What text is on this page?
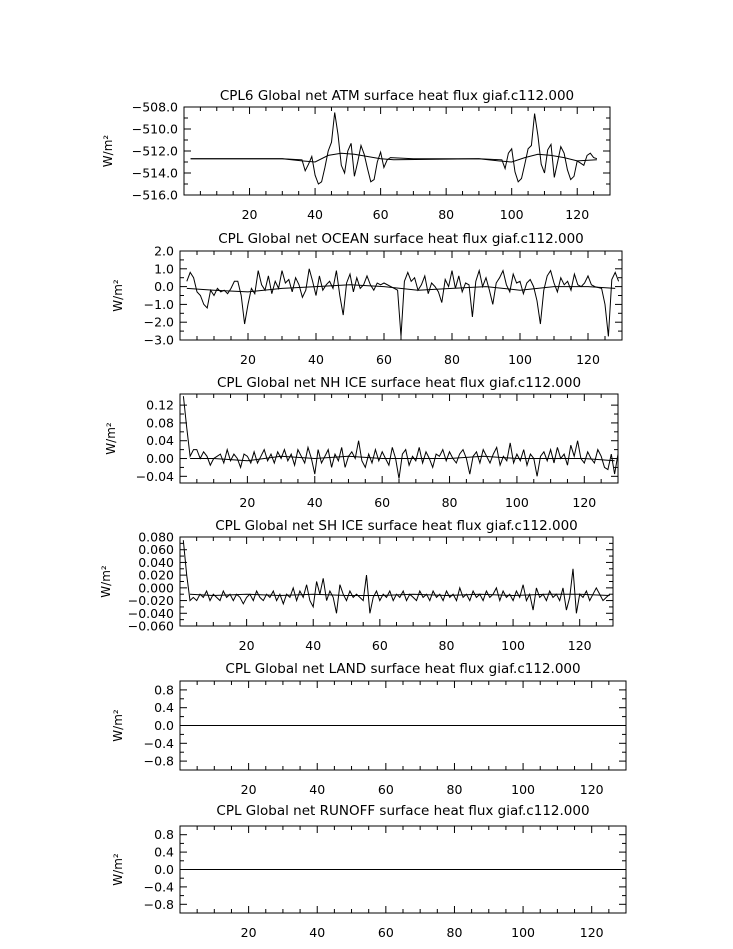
CPL6 Global net ATM surface heat flux giaf.c112.000
W/m²
20	40	60	80	100	120
−516.0
−514.0
−512.0
−510.0
−508.0
CPL Global net OCEAN surface heat flux giaf.c112.000
W/m²
20	40	60	80	100	120
−3.0
−2.0
−1.0
0.0
1.0
2.0
CPL Global net NH ICE surface heat flux giaf.c112.000
W/m²
20	40	60	80	100	120
−0.04
0.00
0.04
0.08
0.12
CPL Global net SH ICE surface heat flux giaf.c112.000
W/m²
20	40	60	80	100	120
−0.060
−0.040
−0.020
0.000
0.020
0.040
0.060
0.080
CPL Global net LAND surface heat flux giaf.c112.000
W/m²
20	40	60	80	100	120
−0.8
−0.4
0.0
0.4
0.8
CPL Global net RUNOFF surface heat flux giaf.c112.000
W/m²
20	40	60	80	100	120
−0.8
−0.4
0.0
0.4
0.8
